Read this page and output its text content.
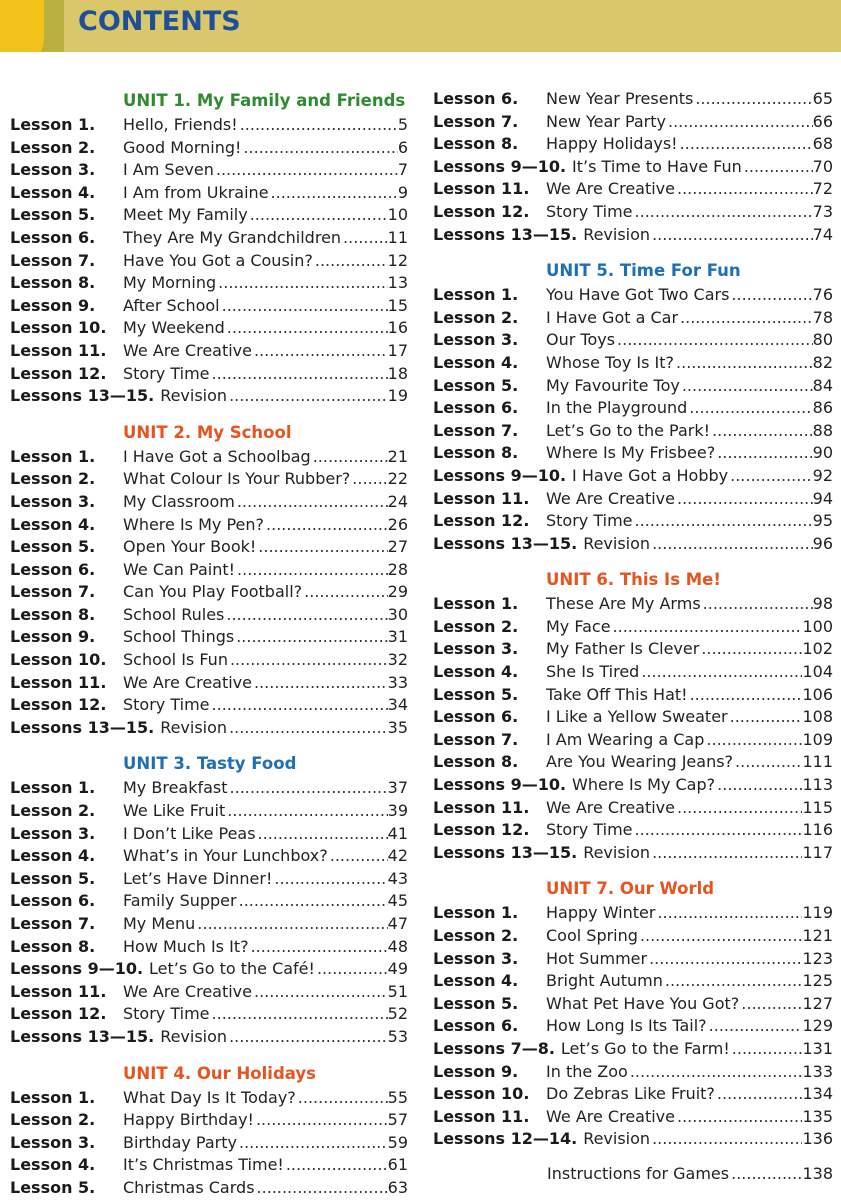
CONTENTS
UNIT 1. My Family and Friends
Lesson 1.	Hello, Friends! .....	5
Lesson 2.	Good Morning! .....	6
Lesson 3.	I Am Seven .....	7
Lesson 4.	I Am from Ukraine .....	9
Lesson 5.	Meet My Family .....	10
Lesson 6.	They Are My Grandchildren .....	11
Lesson 7.	Have You Got a Cousin? .....	12
Lesson 8.	My Morning .....	13
Lesson 9.	After School .....	15
Lesson 10.	My Weekend .....	16
Lesson 11.	We Are Creative .....	17
Lesson 12.	Story Time .....	18
Lessons 13—15. Revision .....	19
UNIT 2. My School
Lesson 1.	I Have Got a Schoolbag .....	21
Lesson 2.	What Colour Is Your Rubber? ..... 22
Lesson 3.	My Classroom .....	24
Lesson 4.	Where Is My Pen? .....	26
Lesson 5.	Open Your Book! .....	27
Lesson 6.	We Can Paint! .....	28
Lesson 7.	Can You Play Football? .....	29
Lesson 8.	School Rules .....	30
Lesson 9.	School Things .....	31
Lesson 10.	School Is Fun .....	32
Lesson 11.	We Are Creative .....	33
Lesson 12.	Story Time .....	34
Lessons 13—15. Revision .....	35
UNIT 3. Tasty Food
Lesson 1.	My Breakfast .....	37
Lesson 2.	We Like Fruit .....	39
Lesson 3.	I Don’t Like Peas .....	41
Lesson 4.	What’s in Your Lunchbox? .....	42
Lesson 5.	Let’s Have Dinner! .....	43
Lesson 6.	Family Supper .....	45
Lesson 7.	My Menu .....	47
Lesson 8.	How Much Is It? .....	48
Lessons 9—10. Let’s Go to the Café! .....	49
Lesson 11.	We Are Creative .....	51
Lesson 12.	Story Time .....	52
Lessons 13—15. Revision .....	53
UNIT 4. Our Holidays
Lesson 1.	What Day Is It Today? .....	55
Lesson 2.	Happy Birthday! .....	57
Lesson 3.	Birthday Party .....	59
Lesson 4.	It’s Christmas Time! .....	61
Lesson 5.	Christmas Cards .....	63
Lesson 6.	New Year Presents .....	65
Lesson 7.	New Year Party .....	66
Lesson 8.	Happy Holidays! .....	68
Lessons 9—10. It’s Time to Have Fun .....	70
Lesson 11.	We Are Creative .....	72
Lesson 12.	Story Time .....	73
Lessons 13—15. Revision .....	74
UNIT 5. Time For Fun
Lesson 1.	You Have Got Two Cars .....	76
Lesson 2.	I Have Got a Car .....	78
Lesson 3.	Our Toys .....	80
Lesson 4.	Whose Toy Is It? .....	82
Lesson 5.	My Favourite Toy .....	84
Lesson 6.	In the Playground .....	86
Lesson 7.	Let’s Go to the Park! .....	88
Lesson 8.	Where Is My Frisbee? .....	90
Lessons 9—10. I Have Got a Hobby .....	92
Lesson 11.	We Are Creative .....	94
Lesson 12.	Story Time .....	95
Lessons 13—15. Revision .....	96
UNIT 6. This Is Me!
Lesson 1.	These Are My Arms .....	98
Lesson 2.	My Face .....	100
Lesson 3.	My Father Is Clever .....	102
Lesson 4.	She Is Tired .....	104
Lesson 5.	Take Off This Hat! .....	106
Lesson 6.	I Like a Yellow Sweater .....	108
Lesson 7.	I Am Wearing a Cap .....	109
Lesson 8.	Are You Wearing Jeans? .....	111
Lessons 9—10. Where Is My Cap? .....	113
Lesson 11.	We Are Creative .....	115
Lesson 12.	Story Time .....	116
Lessons 13—15. Revision .....	117
UNIT 7. Our World
Lesson 1.	Happy Winter .....	119
Lesson 2.	Cool Spring .....	121
Lesson 3.	Hot Summer .....	123
Lesson 4.	Bright Autumn .....	125
Lesson 5.	What Pet Have You Got? .....	127
Lesson 6.	How Long Is Its Tail? .....	129
Lessons 7—8. Let’s Go to the Farm! .....	131
Lesson 9.	In the Zoo .....	133
Lesson 10.	Do Zebras Like Fruit? .....	134
Lesson 11.	We Are Creative .....	135
Lessons 12—14. Revision .....	136
Instructions for Games .....	138
